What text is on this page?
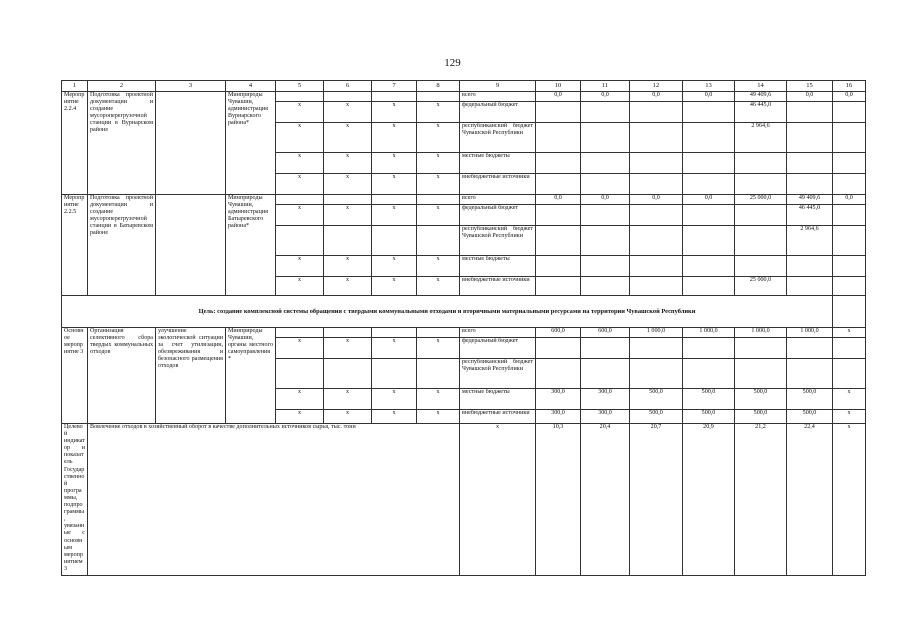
129
1	2	3	4	5	6	7	8	9	10	11	12	13	14	15	16
Мероприятие 2.2.4	Подготовка проектной документации и создание мусороперегрузочной станции в Вурнарском районе		Минприроды Чувашии, администрация Вурнарского района*					всего	0,0	0,0	0,0	0,0	49 409,6	0,0	0,0
				x	x	x	x	федеральный бюджет					46 445,0		
				x	x	x	x	республиканский бюджет Чувашской Республики					2 964,6		
				x	x	x	x	местные бюджеты							
				x	x	x	x	внебюджетные источники							
Мероприятие 2.2.5	Подготовка проектной документации и создание мусороперегрузочной станции в Батыревском районе		Минприроды Чувашии, администрация Батыревского района*					всего	0,0	0,0	0,0	0,0	25 000,0	49 409,6	0,0
				x	x	x	x	федеральный бюджет						46 445,0	
								республиканский бюджет Чувашской Республики						2 964,6	
				x	x	x	x	местные бюджеты							
				x	x	x	x	внебюджетные источники					25 000,0		
Цель: создание комплексной системы обращения с твердыми коммунальными отходами и вторичными материальными ресурсами на территории Чувашской Республики															
Основное мероприятие 3	Организация селективного сбора твердых коммунальных отходов	улучшение экологической ситуации за счет утилизации, обезвреживания и безопасного размещения отходов	Минприроды Чувашии, органы местного самоуправления*					всего	600,0	600,0	1 000,0	1 000,0	1 000,0	1 000,0	x
				x	x	x	x	федеральный бюджет							
								республиканский бюджет Чувашской Республики							
				x	x	x	x	местные бюджеты	300,0	300,0	500,0	500,0	500,0	500,0	x
				x	x	x	x	внебюджетные источники	300,0	300,0	500,0	500,0	500,0	500,0	x
Целевой индикатор и показатель Государственной программы, подпрограммы, увязанные с основным мероприятием 3	Вовлечение отходов в хозяйственный оборот в качестве дополнительных источников сырья, тыс. тонн							x	10,3	20,4	20,7	20,9	21,2	22,4	x
